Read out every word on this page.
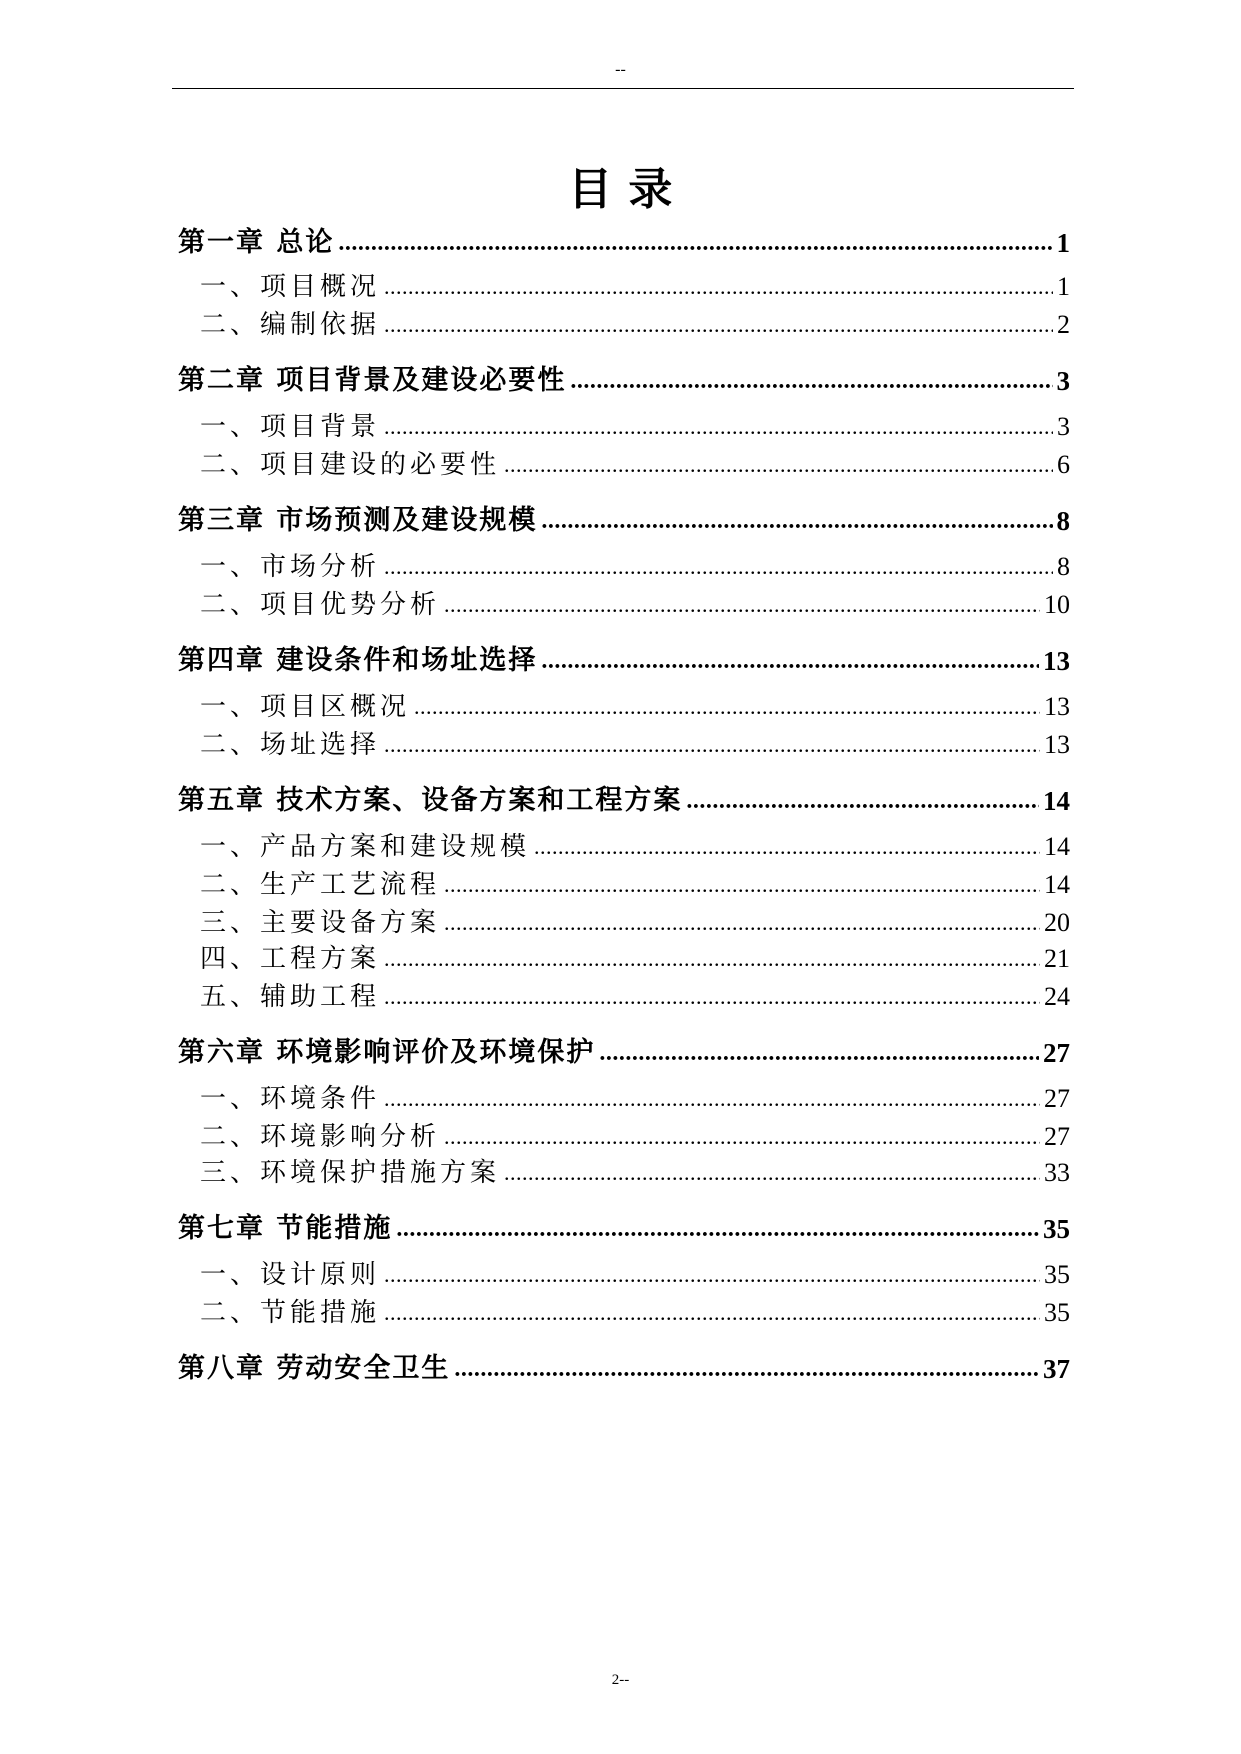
--
目 录
第一章 总论 .....	1
一、项目概况 .....	1
二、编制依据 .....	2
第二章 项目背景及建设必要性 .....	3
一、项目背景 .....	3
二、项目建设的必要性 .....	6
第三章 市场预测及建设规模 .....	8
一、市场分析 .....	8
二、项目优势分析 .....	10
第四章 建设条件和场址选择 .....	13
一、项目区概况 .....	13
二、场址选择 .....	13
第五章 技术方案、设备方案和工程方案 .....	14
一、产品方案和建设规模 .....	14
二、生产工艺流程 .....	14
三、主要设备方案 .....	20
四、工程方案 .....	21
五、辅助工程 .....	24
第六章 环境影响评价及环境保护 .....	27
一、环境条件 .....	27
二、环境影响分析 .....	27
三、环境保护措施方案 .....	33
第七章 节能措施 .....	35
一、设计原则 .....	35
二、节能措施 .....	35
第八章 劳动安全卫生 .....	37
2--
